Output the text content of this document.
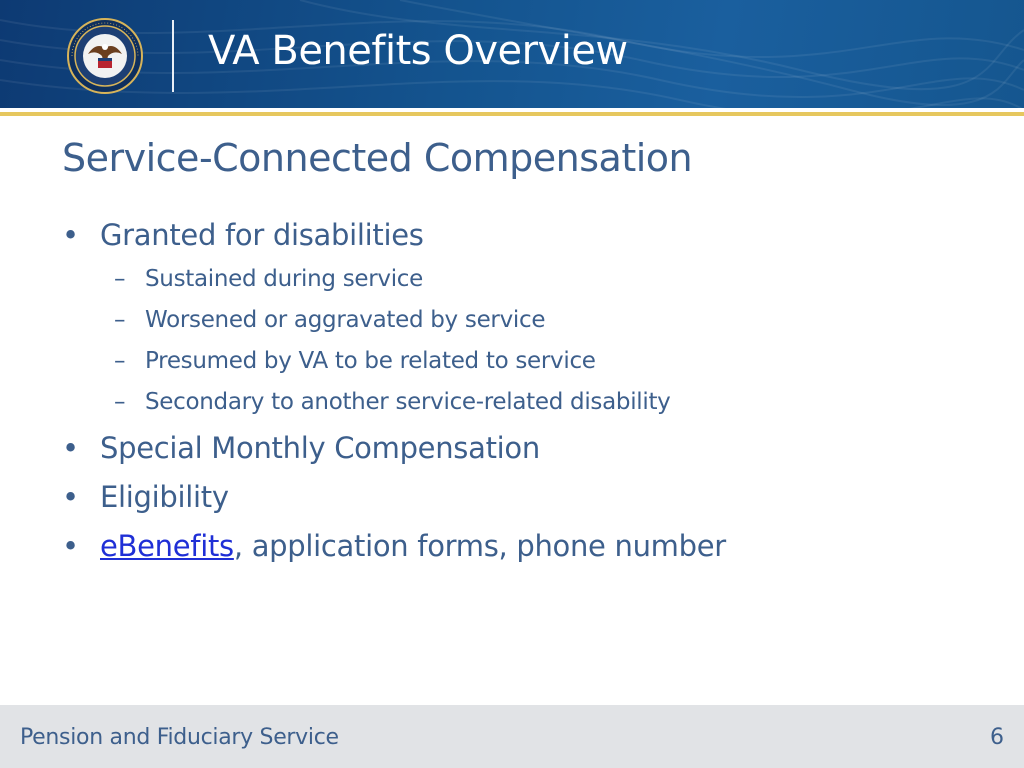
VA Benefits Overview
Service-Connected Compensation
• Granted for disabilities
– Sustained during service
– Worsened or aggravated by service
– Presumed by VA to be related to service
– Secondary to another service-related disability
• Special Monthly Compensation
• Eligibility
• eBenefits, application forms, phone number
Pension and Fiduciary Service	6
